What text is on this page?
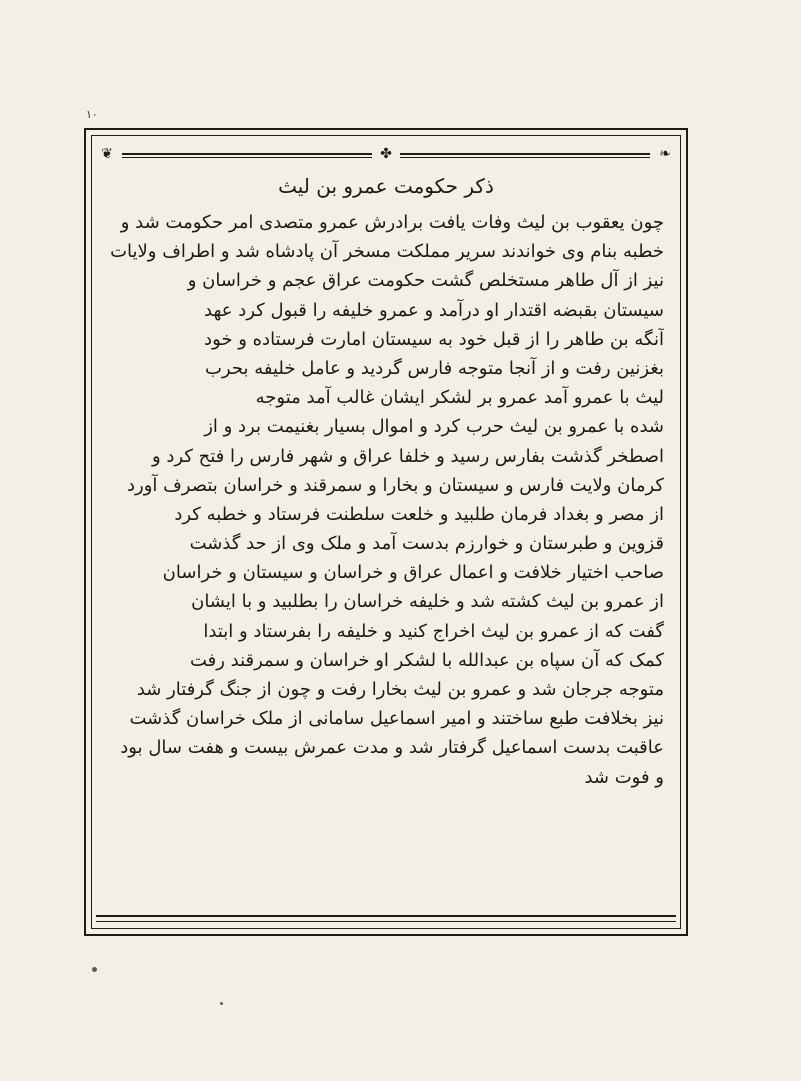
۱۰
❦	✤	❧
ذکر حکومت عمرو بن لیث
چون یعقوب بن لیث وفات یافت برادرش عمرو متصدی امر حکومت شد و
خطبه بنام وی خواندند سریر مملکت مسخر آن پادشاه شد و اطراف ولایات
نیز از آل طاهر مستخلص گشت حکومت عراق عجم و خراسان و
سیستان بقبضه اقتدار او درآمد و عمرو خلیفه را قبول کرد عهد
آنگه بن طاهر را از قبل خود به سیستان امارت فرستاده و خود
بغزنین رفت و از آنجا متوجه فارس گردید و عامل خلیفه بحرب
لیث با عمرو آمد عمرو بر لشکر ایشان غالب آمد متوجه
شده با عمرو بن لیث حرب کرد و اموال بسیار بغنیمت برد و از
اصطخر گذشت بفارس رسید و خلفا عراق و شهر فارس را فتح کرد و
کرمان ولایت فارس و سیستان و بخارا و سمرقند و خراسان بتصرف آورد
از مصر و بغداد فرمان طلبید و خلعت سلطنت فرستاد و خطبه کرد
قزوین و طبرستان و خوارزم بدست آمد و ملک وی از حد گذشت
صاحب اختیار خلافت و اعمال عراق و خراسان و سیستان و خراسان
از عمرو بن لیث کشته شد و خلیفه خراسان را بطلبید و با ایشان
گفت که از عمرو بن لیث اخراج کنید و خلیفه را بفرستاد و ابتدا
کمک که آن سپاه بن عبدالله با لشکر او خراسان و سمرقند رفت
متوجه جرجان شد و عمرو بن لیث بخارا رفت و چون از جنگ گرفتار شد
نیز بخلافت طبع ساختند و امیر اسماعیل سامانی از ملک خراسان گذشت
عاقبت بدست اسماعیل گرفتار شد و مدت عمرش بیست و هفت سال بود
و فوت شد
